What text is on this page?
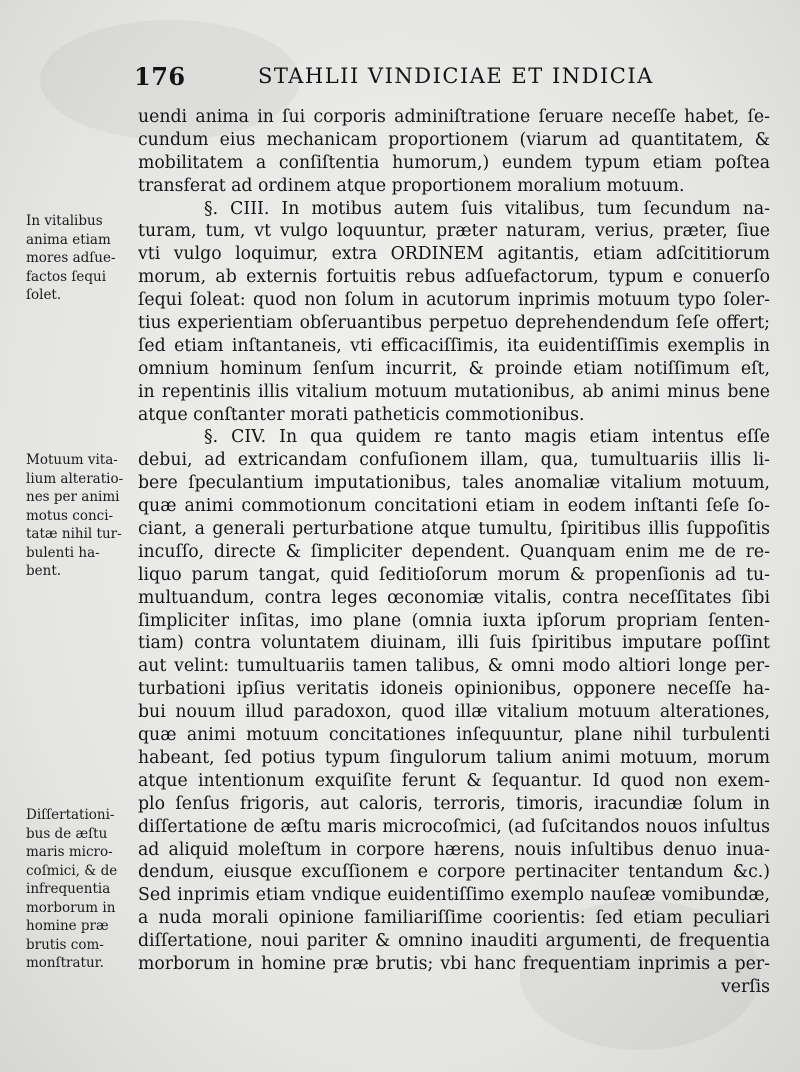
176	STAHLII VINDICIAE ET INDICIA
In vitalibus
anima etiam
mores adſue-
factos ſequi
ſolet.
Motuum vita-
lium alteratio-
nes per animi
motus conci-
tatæ nihil tur-
bulenti ha-
bent.
Diſſertationi-
bus de æſtu
maris micro-
coſmici, & de
infrequentia
morborum in
homine præ
brutis com-
monſtratur.
uendi anima in ſui corporis adminiſtratione ſeruare neceſſe habet, ſe-
cundum eius mechanicam proportionem (viarum ad quantitatem, &
mobilitatem a conſiſtentia humorum,) eundem typum etiam poſtea
transferat ad ordinem atque proportionem moralium motuum.
§. CIII. In motibus autem ſuis vitalibus, tum ſecundum na-
turam, tum, vt vulgo loquuntur, præter naturam, verius, præter, ſiue
vti vulgo loquimur, extra ORDINEM agitantis, etiam adſcititiorum
morum, ab externis fortuitis rebus adſuefactorum, typum e conuerſo
ſequi ſoleat: quod non ſolum in acutorum inprimis motuum typo ſoler-
tius experientiam obſeruantibus perpetuo deprehendendum ſeſe offert;
ſed etiam inſtantaneis, vti efficaciſſimis, ita euidentiſſimis exemplis in
omnium hominum ſenſum incurrit, & proinde etiam notiſſimum eſt,
in repentinis illis vitalium motuum mutationibus, ab animi minus bene
atque conſtanter morati patheticis commotionibus.
§. CIV. In qua quidem re tanto magis etiam intentus eſſe
debui, ad extricandam confuſionem illam, qua, tumultuariis illis li-
bere ſpeculantium imputationibus, tales anomaliæ vitalium motuum,
quæ animi commotionum concitationi etiam in eodem inſtanti ſeſe ſo-
ciant, a generali perturbatione atque tumultu, ſpiritibus illis ſuppoſitis
incuſſo, directe & ſimpliciter dependent. Quanquam enim me de re-
liquo parum tangat, quid ſeditioſorum morum & propenſionis ad tu-
multuandum, contra leges œconomiæ vitalis, contra neceſſitates ſibi
ſimpliciter inſitas, imo plane (omnia iuxta ipſorum propriam ſenten-
tiam) contra voluntatem diuinam, illi ſuis ſpiritibus imputare poſſint
aut velint: tumultuariis tamen talibus, & omni modo altiori longe per-
turbationi ipſius veritatis idoneis opinionibus, opponere neceſſe ha-
bui nouum illud paradoxon, quod illæ vitalium motuum alterationes,
quæ animi motuum concitationes inſequuntur, plane nihil turbulenti
habeant, ſed potius typum ſingulorum talium animi motuum, morum
atque intentionum exquiſite ferunt & ſequantur. Id quod non exem-
plo ſenſus frigoris, aut caloris, terroris, timoris, iracundiæ ſolum in
diſſertatione de æſtu maris microcoſmici, (ad ſuſcitandos nouos inſultus
ad aliquid moleſtum in corpore hærens, nouis inſultibus denuo inua-
dendum, eiusque excuſſionem e corpore pertinaciter tentandum &c.)
Sed inprimis etiam vndique euidentiſſimo exemplo nauſeæ vomibundæ,
a nuda morali opinione familiariſſime coorientis: ſed etiam peculiari
diſſertatione, noui pariter & omnino inauditi argumenti, de frequentia
morborum in homine præ brutis; vbi hanc frequentiam inprimis a per-
verſis
